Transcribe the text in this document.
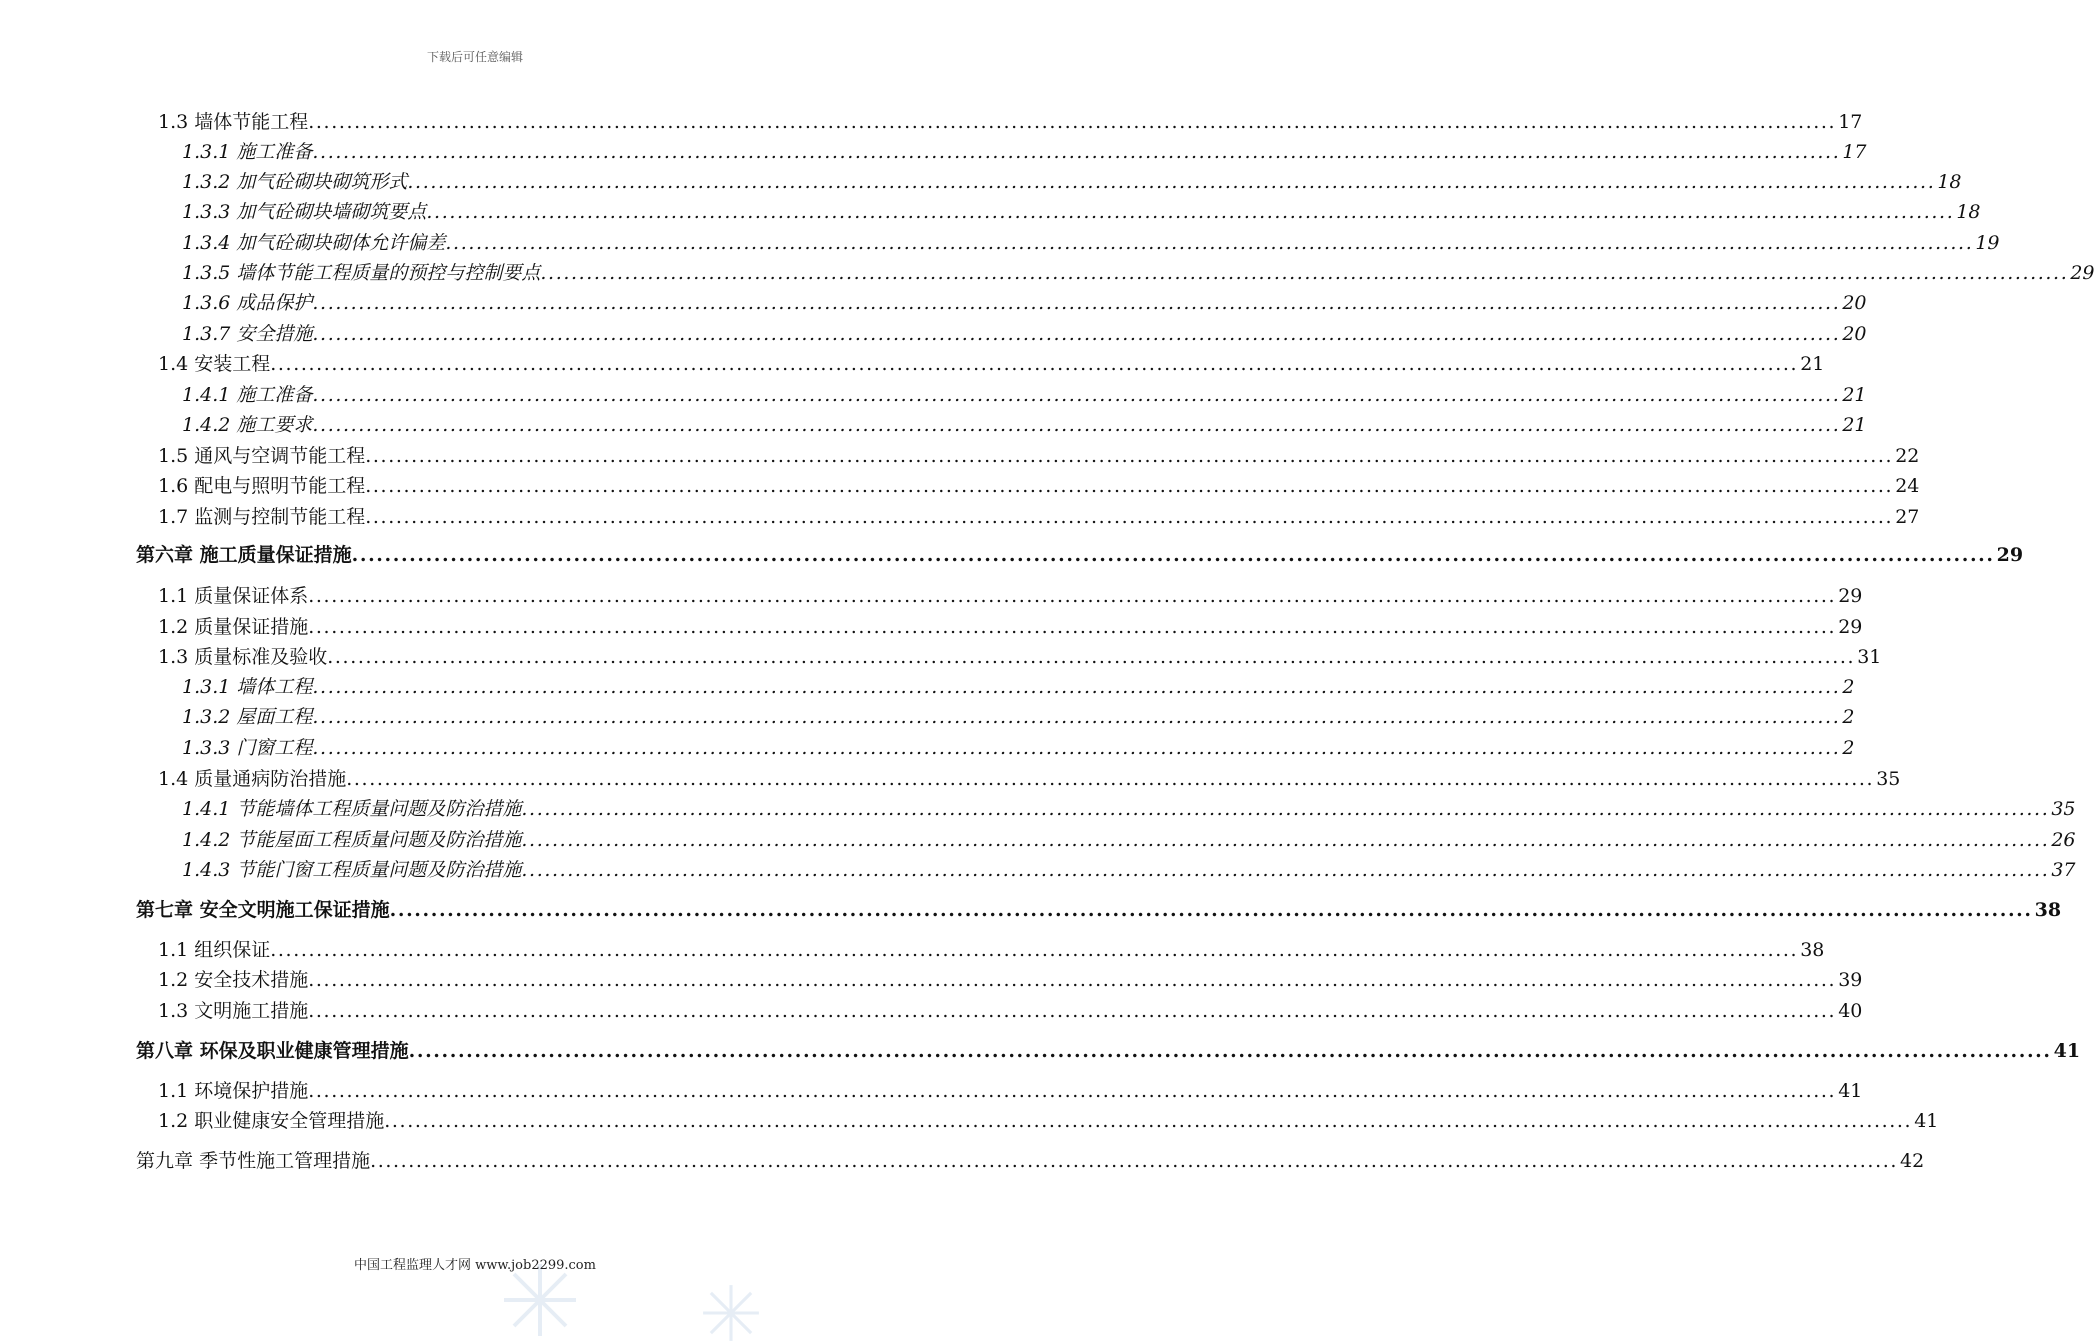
下载后可任意编辑
1.3 墙体节能工程 ........................................................................................................................................................................................................ 17
1.3.1 施工准备 ........................................................................................................................................................................................................ 17
1.3.2 加气砼砌块砌筑形式 ........................................................................................................................................................................................................ 18
1.3.3 加气砼砌块墙砌筑要点 ........................................................................................................................................................................................................ 18
1.3.4 加气砼砌块砌体允许偏差 ........................................................................................................................................................................................................ 19
1.3.5 墙体节能工程质量的预控与控制要点 ........................................................................................................................................................................................................ 29
1.3.6 成品保护 ........................................................................................................................................................................................................ 20
1.3.7 安全措施 ........................................................................................................................................................................................................ 20
1.4 安装工程 ........................................................................................................................................................................................................ 21
1.4.1 施工准备 ........................................................................................................................................................................................................ 21
1.4.2 施工要求 ........................................................................................................................................................................................................ 21
1.5 通风与空调节能工程 ........................................................................................................................................................................................................ 22
1.6 配电与照明节能工程 ........................................................................................................................................................................................................ 24
1.7 监测与控制节能工程 ........................................................................................................................................................................................................ 27
第六章 施工质量保证措施 ........................................................................................................................................................................................................ 29
1.1 质量保证体系 ........................................................................................................................................................................................................ 29
1.2 质量保证措施 ........................................................................................................................................................................................................ 29
1.3 质量标准及验收 ........................................................................................................................................................................................................ 31
1.3.1 墙体工程 ........................................................................................................................................................................................................ 2
1.3.2 屋面工程 ........................................................................................................................................................................................................ 2
1.3.3 门窗工程 ........................................................................................................................................................................................................ 2
1.4 质量通病防治措施 ........................................................................................................................................................................................................ 35
1.4.1 节能墙体工程质量问题及防治措施 ........................................................................................................................................................................................................ 35
1.4.2 节能屋面工程质量问题及防治措施 ........................................................................................................................................................................................................ 26
1.4.3 节能门窗工程质量问题及防治措施 ........................................................................................................................................................................................................ 37
第七章 安全文明施工保证措施 ........................................................................................................................................................................................................ 38
1.1 组织保证 ........................................................................................................................................................................................................ 38
1.2 安全技术措施 ........................................................................................................................................................................................................ 39
1.3 文明施工措施 ........................................................................................................................................................................................................ 40
第八章 环保及职业健康管理措施 ........................................................................................................................................................................................................ 41
1.1 环境保护措施 ........................................................................................................................................................................................................ 41
1.2 职业健康安全管理措施 ........................................................................................................................................................................................................ 41
第九章 季节性施工管理措施 ........................................................................................................................................................................................................ 42
中国工程监理人才网 www.job2299.com
